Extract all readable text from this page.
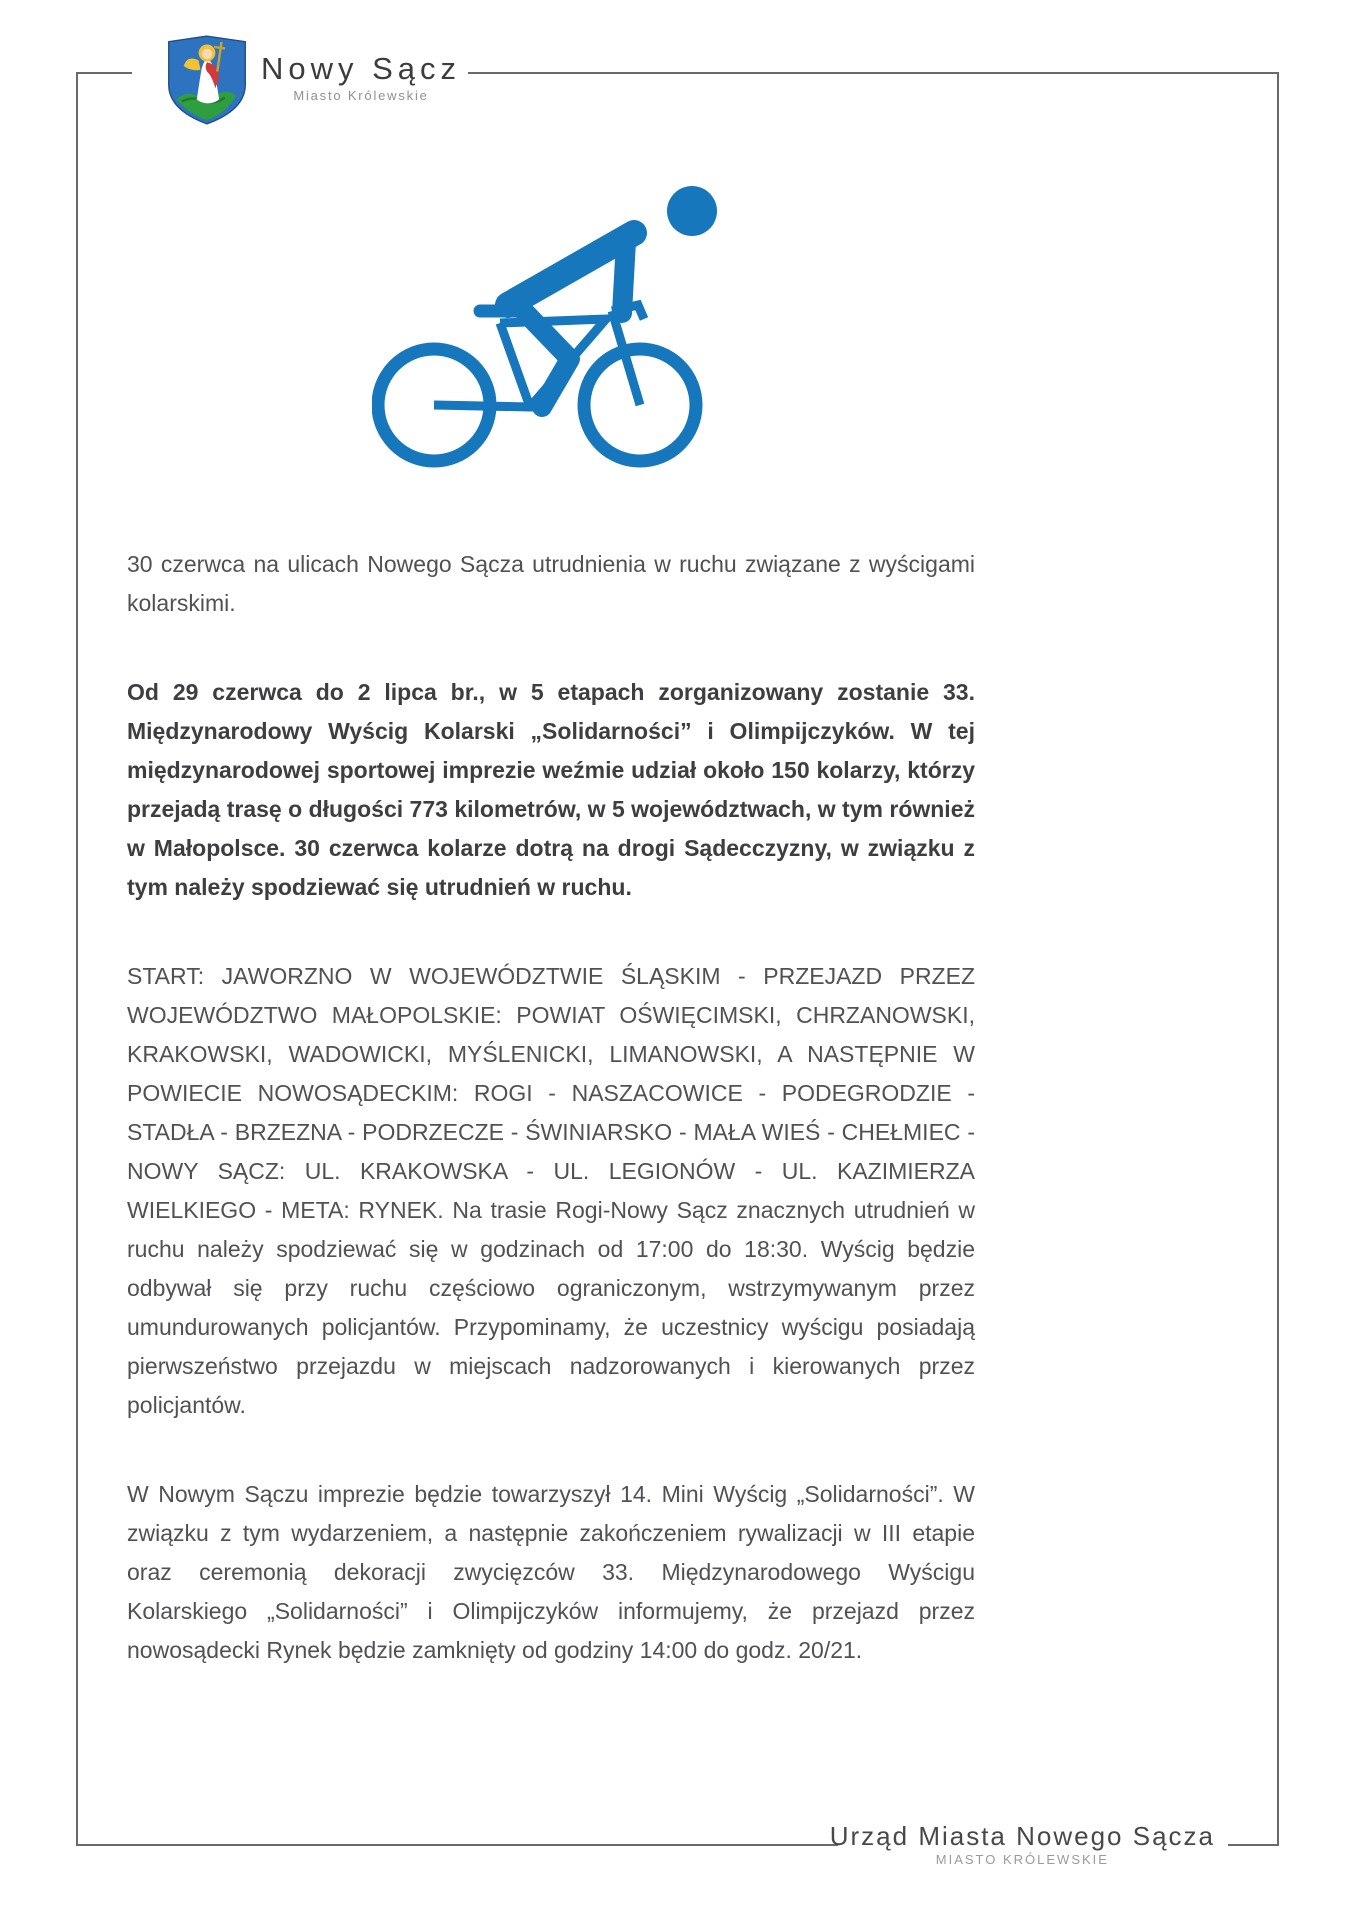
Nowy Sącz
Miasto Królewskie

30 czerwca na ulicach Nowego Sącza utrudnienia w ruchu związane z wyścigami kolarskimi.

Od 29 czerwca do 2 lipca br., w 5 etapach zorganizowany zostanie 33. Międzynarodowy Wyścig Kolarski „Solidarności” i Olimpijczyków. W tej międzynarodowej sportowej imprezie weźmie udział około 150 kolarzy, którzy przejadą trasę o długości 773 kilometrów, w 5 województwach, w tym również w Małopolsce. 30 czerwca kolarze dotrą na drogi Sądecczyzny, w związku z tym należy spodziewać się utrudnień w ruchu.

START: JAWORZNO W WOJEWÓDZTWIE ŚLĄSKIM - PRZEJAZD PRZEZ WOJEWÓDZTWO MAŁOPOLSKIE: POWIAT OŚWIĘCIMSKI, CHRZANOWSKI, KRAKOWSKI, WADOWICKI, MYŚLENICKI, LIMANOWSKI, A NASTĘPNIE W POWIECIE NOWOSĄDECKIM: ROGI - NASZACOWICE - PODEGRODZIE - STADŁA - BRZEZNA - PODRZECZE - ŚWINIARSKO - MAŁA WIEŚ - CHEŁMIEC - NOWY SĄCZ: UL. KRAKOWSKA - UL. LEGIONÓW - UL. KAZIMIERZA WIELKIEGO - META: RYNEK. Na trasie Rogi-Nowy Sącz znacznych utrudnień w ruchu należy spodziewać się w godzinach od 17:00 do 18:30. Wyścig będzie odbywał się przy ruchu częściowo ograniczonym, wstrzymywanym przez umundurowanych policjantów. Przypominamy, że uczestnicy wyścigu posiadają pierwszeństwo przejazdu w miejscach nadzorowanych i kierowanych przez policjantów.

W Nowym Sączu imprezie będzie towarzyszył 14. Mini Wyścig „Solidarności”. W związku z tym wydarzeniem, a następnie zakończeniem rywalizacji w III etapie oraz ceremonią dekoracji zwycięzców 33. Międzynarodowego Wyścigu Kolarskiego „Solidarności” i Olimpijczyków informujemy, że przejazd przez nowosądecki Rynek będzie zamknięty od godziny 14:00 do godz. 20/21.

Urząd Miasta Nowego Sącza
MIASTO KRÓLEWSKIE
